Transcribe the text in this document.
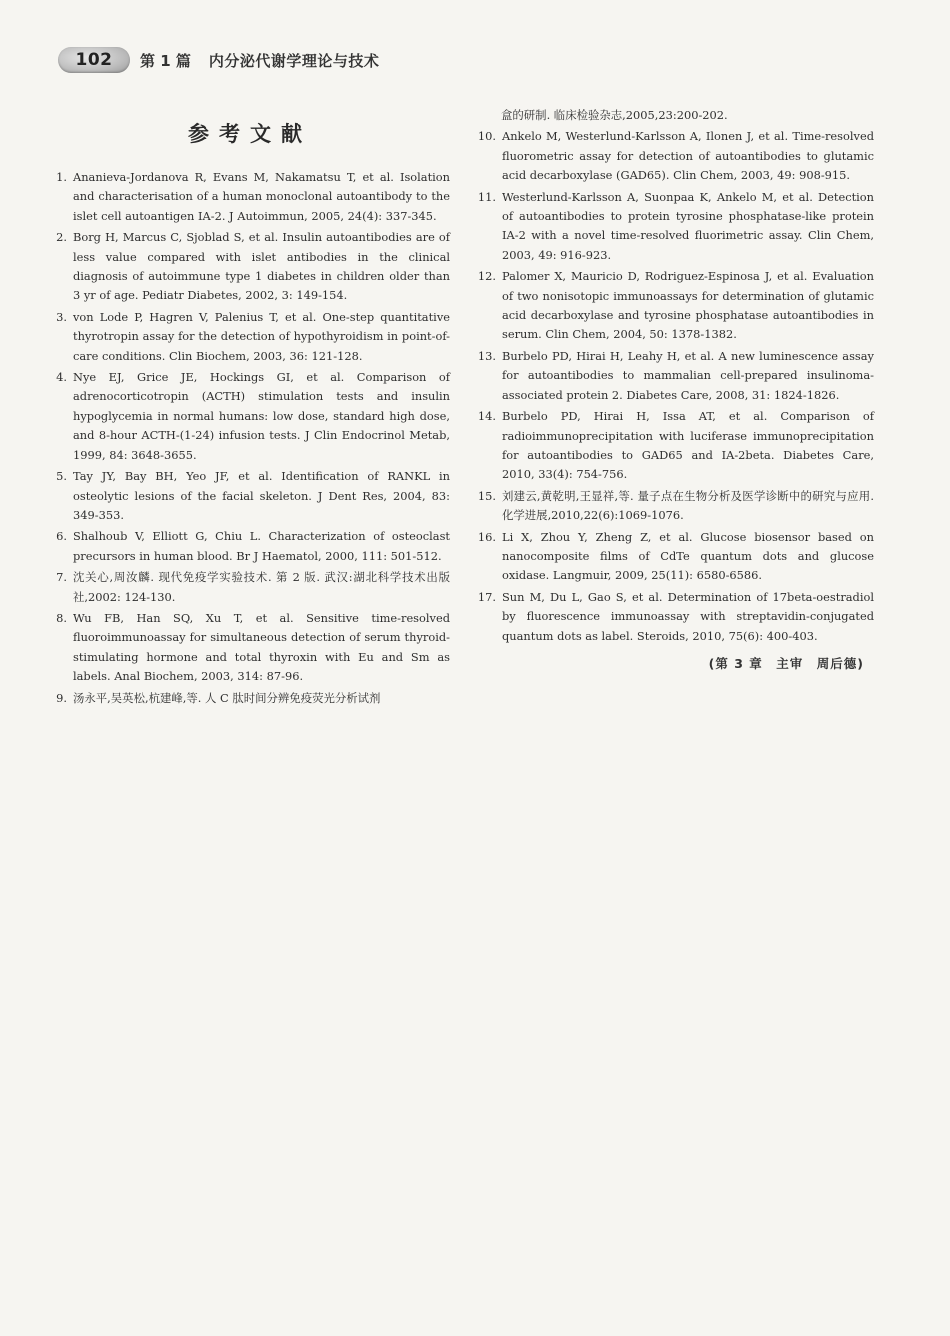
102	第 1 篇 内分泌代谢学理论与技术
参考文献
1. Ananieva-Jordanova R, Evans M, Nakamatsu T, et al. Isolation and characterisation of a human monoclonal autoantibody to the islet cell autoantigen IA-2. J Autoimmun, 2005, 24(4): 337-345.
2. Borg H, Marcus C, Sjoblad S, et al. Insulin autoantibodies are of less value compared with islet antibodies in the clinical diagnosis of autoimmune type 1 diabetes in children older than 3 yr of age. Pediatr Diabetes, 2002, 3: 149-154.
3. von Lode P, Hagren V, Palenius T, et al. One-step quantitative thyrotropin assay for the detection of hypothyroidism in point-of-care conditions. Clin Biochem, 2003, 36: 121-128.
4. Nye EJ, Grice JE, Hockings GI, et al. Comparison of adrenocorticotropin (ACTH) stimulation tests and insulin hypoglycemia in normal humans: low dose, standard high dose, and 8-hour ACTH-(1-24) infusion tests. J Clin Endocrinol Metab, 1999, 84: 3648-3655.
5. Tay JY, Bay BH, Yeo JF, et al. Identification of RANKL in osteolytic lesions of the facial skeleton. J Dent Res, 2004, 83: 349-353.
6. Shalhoub V, Elliott G, Chiu L. Characterization of osteoclast precursors in human blood. Br J Haematol, 2000, 111: 501-512.
7. 沈关心,周汝麟. 现代免疫学实验技术. 第 2 版. 武汉:湖北科学技术出版社,2002: 124-130.
8. Wu FB, Han SQ, Xu T, et al. Sensitive time-resolved fluoroimmunoassay for simultaneous detection of serum thyroid-stimulating hormone and total thyroxin with Eu and Sm as labels. Anal Biochem, 2003, 314: 87-96.
9. 汤永平,吴英松,杭建峰,等. 人 C 肽时间分辨免疫荧光分析试剂
盒的研制. 临床检验杂志,2005,23:200-202.
10. Ankelo M, Westerlund-Karlsson A, Ilonen J, et al. Time-resolved fluorometric assay for detection of autoantibodies to glutamic acid decarboxylase (GAD65). Clin Chem, 2003, 49: 908-915.
11. Westerlund-Karlsson A, Suonpaa K, Ankelo M, et al. Detection of autoantibodies to protein tyrosine phosphatase-like protein IA-2 with a novel time-resolved fluorimetric assay. Clin Chem, 2003, 49: 916-923.
12. Palomer X, Mauricio D, Rodriguez-Espinosa J, et al. Evaluation of two nonisotopic immunoassays for determination of glutamic acid decarboxylase and tyrosine phosphatase autoantibodies in serum. Clin Chem, 2004, 50: 1378-1382.
13. Burbelo PD, Hirai H, Leahy H, et al. A new luminescence assay for autoantibodies to mammalian cell-prepared insulinoma-associated protein 2. Diabetes Care, 2008, 31: 1824-1826.
14. Burbelo PD, Hirai H, Issa AT, et al. Comparison of radioimmunoprecipitation with luciferase immunoprecipitation for autoantibodies to GAD65 and IA-2beta. Diabetes Care, 2010, 33(4): 754-756.
15. 刘建云,黄乾明,王显祥,等. 量子点在生物分析及医学诊断中的研究与应用. 化学进展,2010,22(6):1069-1076.
16. Li X, Zhou Y, Zheng Z, et al. Glucose biosensor based on nanocomposite films of CdTe quantum dots and glucose oxidase. Langmuir, 2009, 25(11): 6580-6586.
17. Sun M, Du L, Gao S, et al. Determination of 17beta-oestradiol by fluorescence immunoassay with streptavidin-conjugated quantum dots as label. Steroids, 2010, 75(6): 400-403.
(第 3 章　主审　周后德)
